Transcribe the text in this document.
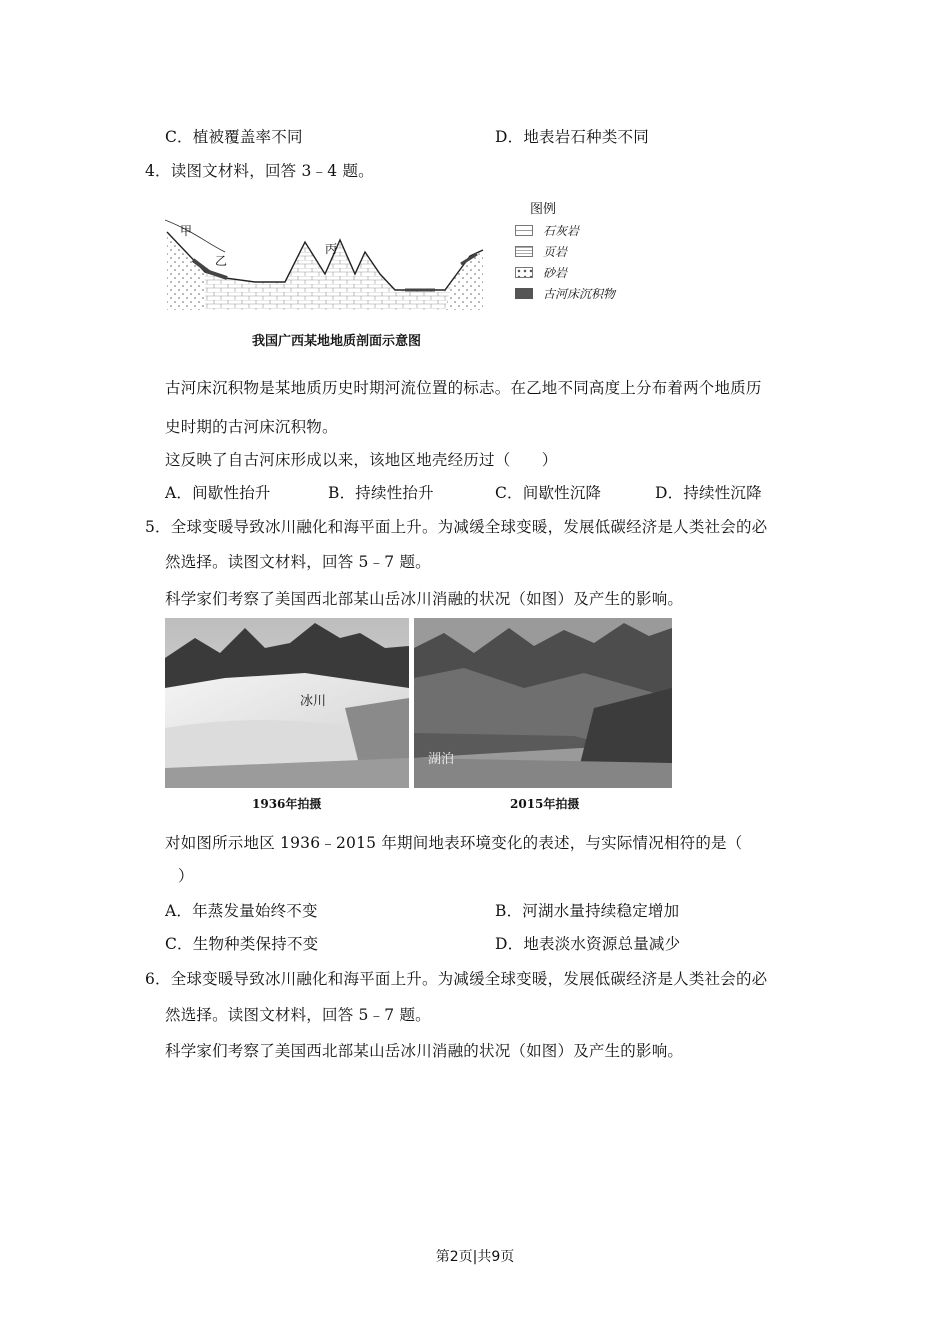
C．植被覆盖率不同	D．地表岩石种类不同
4．读图文材料，回答 3﹣4 题。
甲
乙
丙
图例
石灰岩
页岩
砂岩
古河床沉积物
我国广西某地地质剖面示意图
古河床沉积物是某地质历史时期河流位置的标志。在乙地不同高度上分布着两个地质历
史时期的古河床沉积物。
这反映了自古河床形成以来，该地区地壳经历过（　　）
A．间歇性抬升	B．持续性抬升	C．间歇性沉降	D．持续性沉降
5．全球变暖导致冰川融化和海平面上升。为减缓全球变暖，发展低碳经济是人类社会的必
然选择。读图文材料，回答 5﹣7 题。
科学家们考察了美国西北部某山岳冰川消融的状况（如图）及产生的影响。
冰川
1936年拍摄
湖泊
2015年拍摄
对如图所示地区 1936﹣2015 年期间地表环境变化的表述，与实际情况相符的是（
）
A．年蒸发量始终不变	B．河湖水量持续稳定增加
C．生物种类保持不变	D．地表淡水资源总量减少
6．全球变暖导致冰川融化和海平面上升。为减缓全球变暖，发展低碳经济是人类社会的必
然选择。读图文材料，回答 5﹣7 题。
科学家们考察了美国西北部某山岳冰川消融的状况（如图）及产生的影响。
第2页|共9页
